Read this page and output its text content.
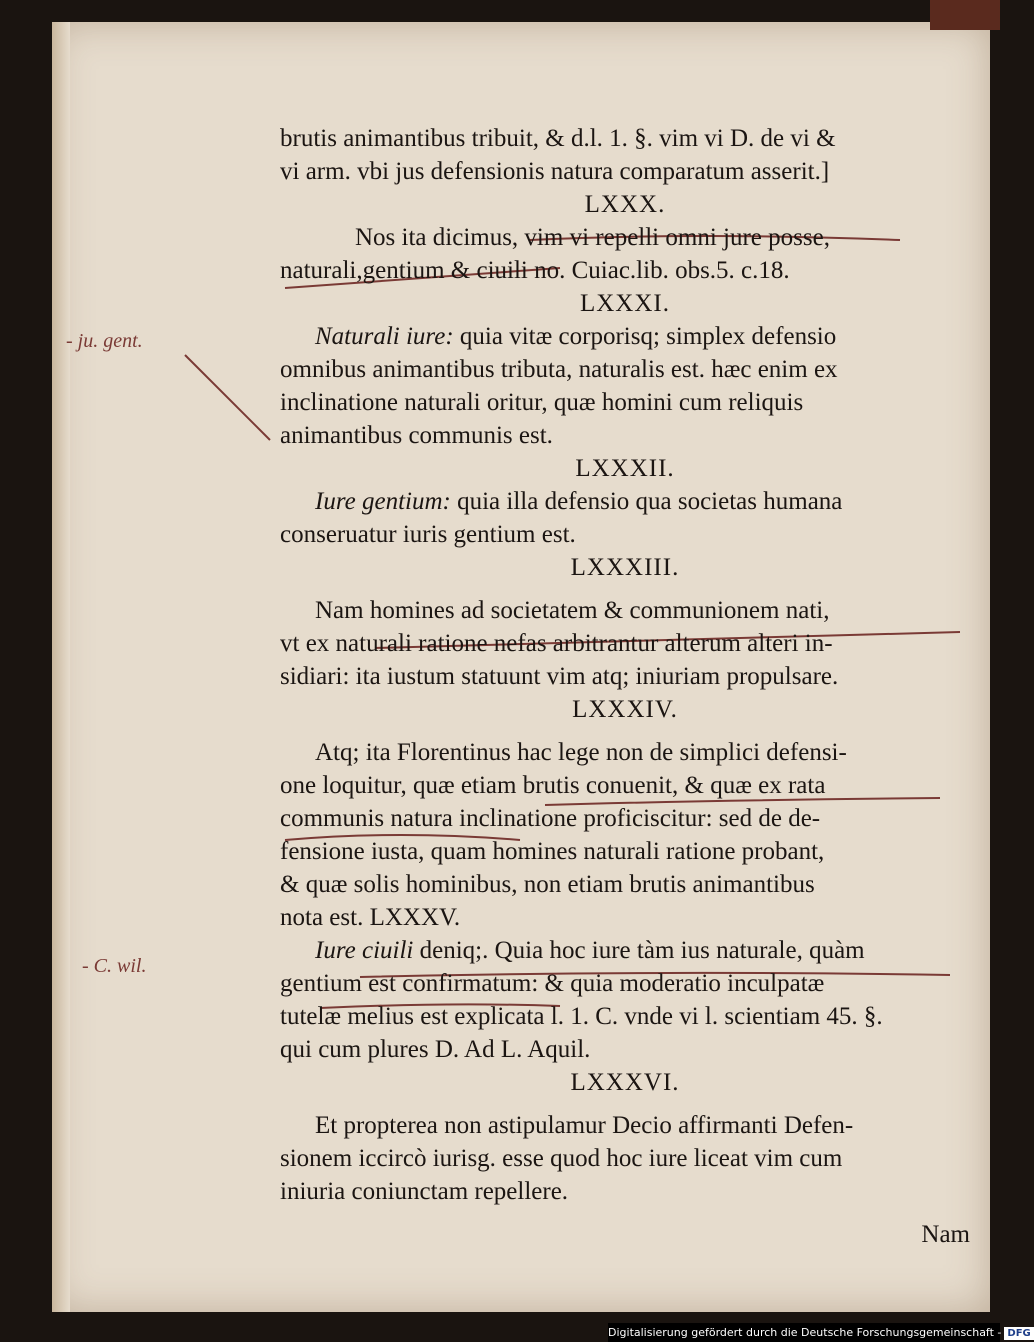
- ju. gent.
- C. wil.
brutis animantibus tribuit, & d.l. 1. §. vim vi D. de vi &
vi arm. vbi jus defensionis natura comparatum asserit.]
LXXX.
Nos ita dicimus, vim vi repelli omni jure posse,
naturali,gentium & ciuili no. Cuiac.lib. obs.5. c.18.
LXXXI.
Naturali iure: quia vitæ corporisq; simplex defensio
omnibus animantibus tributa, naturalis est. hæc enim ex
inclinatione naturali oritur, quæ homini cum reliquis
animantibus communis est.
LXXXII.
Iure gentium: quia illa defensio qua societas humana
conseruatur iuris gentium est.
LXXXIII.
Nam homines ad societatem & communionem nati,
vt ex naturali ratione nefas arbitrantur alterum alteri in-
sidiari: ita iustum statuunt vim atq; iniuriam propulsare.
LXXXIV.
Atq; ita Florentinus hac lege non de simplici defensi-
one loquitur, quæ etiam brutis conuenit, & quæ ex rata
communis natura inclinatione proficiscitur: sed de de-
fensione iusta, quam homines naturali ratione probant,
& quæ solis hominibus, non etiam brutis animantibus
nota est. LXXXV.
Iure ciuili deniq;. Quia hoc iure tàm ius naturale, quàm
gentium est confirmatum: & quia moderatio inculpatæ
tutelæ melius est explicata l. 1. C. vnde vi l. scientiam 45. §.
qui cum plures D. Ad L. Aquil.
LXXXVI.
Et propterea non astipulamur Decio affirmanti Defen-
sionem iccircò iurisg. esse quod hoc iure liceat vim cum
iniuria coniunctam repellere.
Nam
Digitalisierung gefördert durch die Deutsche Forschungsgemeinschaft - DFG
